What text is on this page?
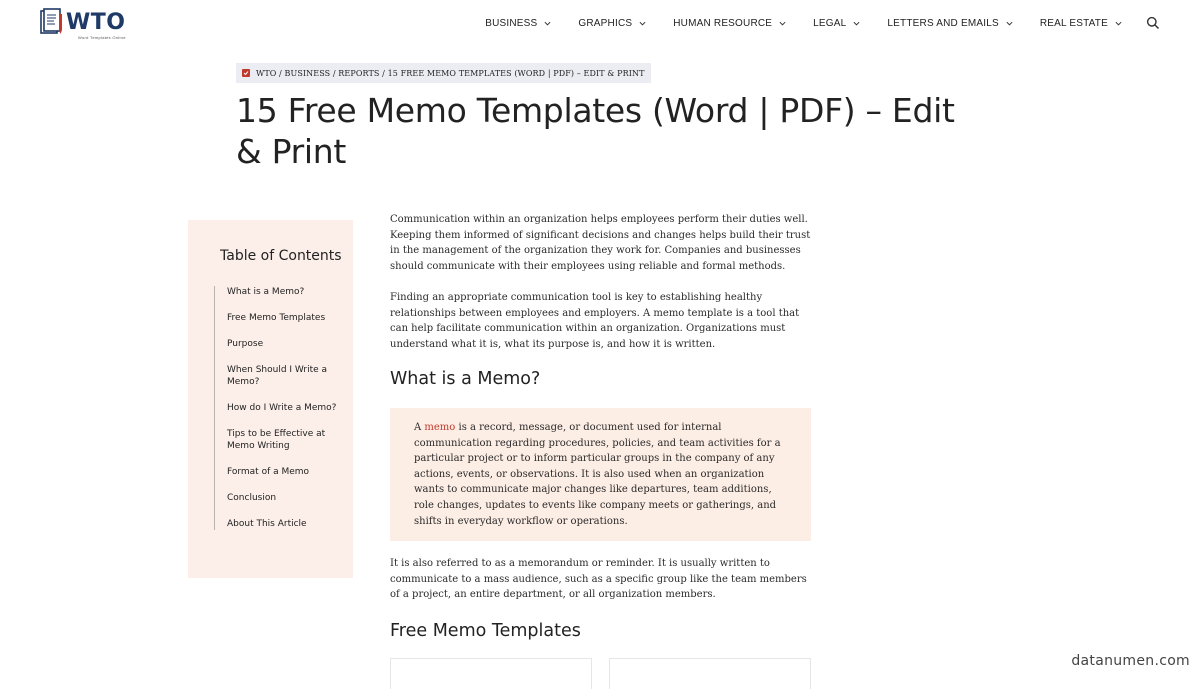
WTO
Word Templates Online
BUSINESS	GRAPHICS	HUMAN RESOURCE	LEGAL	LETTERS AND EMAILS	REAL ESTATE
WTO / BUSINESS / REPORTS / 15 FREE MEMO TEMPLATES (WORD | PDF) – EDIT & PRINT
15 Free Memo Templates (Word | PDF) – Edit & Print
Table of Contents
What is a Memo?
Free Memo Templates
Purpose
When Should I Write a Memo?
How do I Write a Memo?
Tips to be Effective at Memo Writing
Format of a Memo
Conclusion
About This Article

Communication within an organization helps employees perform their duties well. Keeping them informed of significant decisions and changes helps build their trust in the management of the organization they work for. Companies and businesses should communicate with their employees using reliable and formal methods.

Finding an appropriate communication tool is key to establishing healthy relationships between employees and employers. A memo template is a tool that can help facilitate communication within an organization. Organizations must understand what it is, what its purpose is, and how it is written.

What is a Memo?

A memo is a record, message, or document used for internal communication regarding procedures, policies, and team activities for a particular project or to inform particular groups in the company of any actions, events, or observations. It is also used when an organization wants to communicate major changes like departures, team additions, role changes, updates to events like company meets or gatherings, and shifts in everyday workflow or operations.

It is also referred to as a memorandum or reminder. It is usually written to communicate to a mass audience, such as a specific group like the team members of a project, an entire department, or all organization members.

Free Memo Templates
datanumen.com
